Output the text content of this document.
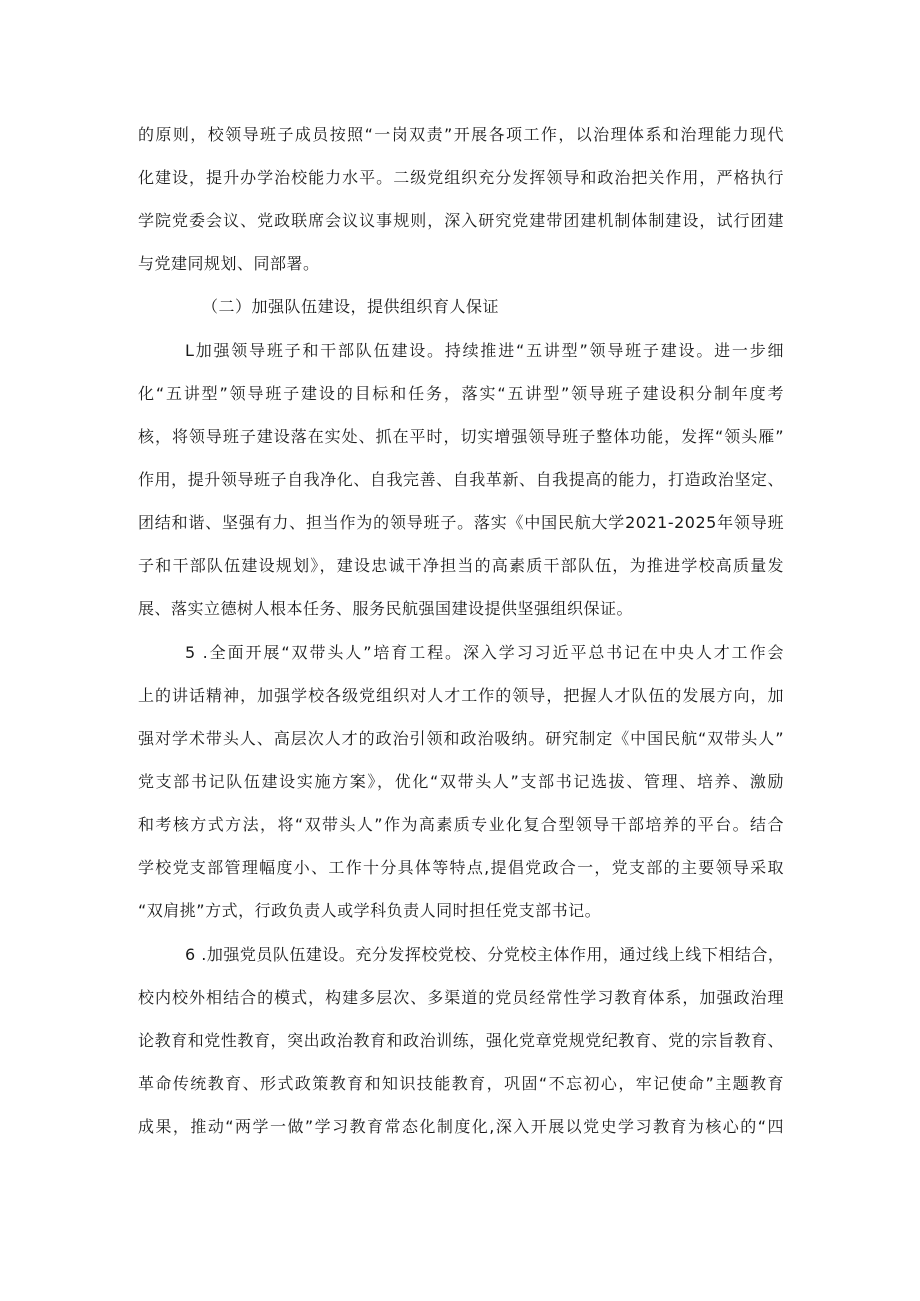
的原则，校领导班子成员按照“一岗双责”开展各项工作，以治理体系和治理能力现代
化建设，提升办学治校能力水平。二级党组织充分发挥领导和政治把关作用，严格执行
学院党委会议、党政联席会议议事规则，深入研究党建带团建机制体制建设，试行团建
与党建同规划、同部署。
（二）加强队伍建设，提供组织育人保证
L加强领导班子和干部队伍建设。持续推进“五讲型”领导班子建设。进一步细
化“五讲型”领导班子建设的目标和任务，落实“五讲型”领导班子建设积分制年度考
核，将领导班子建设落在实处、抓在平时，切实增强领导班子整体功能，发挥“领头雁”
作用，提升领导班子自我净化、自我完善、自我革新、自我提高的能力，打造政治坚定、
团结和谐、坚强有力、担当作为的领导班子。落实《中国民航大学2021-2025年领导班
子和干部队伍建设规划》，建设忠诚干净担当的高素质干部队伍，为推进学校高质量发
展、落实立德树人根本任务、服务民航强国建设提供坚强组织保证。
5 .全面开展“双带头人”培育工程。深入学习习近平总书记在中央人才工作会
上的讲话精神，加强学校各级党组织对人才工作的领导，把握人才队伍的发展方向，加
强对学术带头人、高层次人才的政治引领和政治吸纳。研究制定《中国民航“双带头人”
党支部书记队伍建设实施方案》，优化“双带头人”支部书记选拔、管理、培养、激励
和考核方式方法，将“双带头人”作为高素质专业化复合型领导干部培养的平台。结合
学校党支部管理幅度小、工作十分具体等特点,提倡党政合一，党支部的主要领导采取
“双肩挑”方式，行政负责人或学科负责人同时担任党支部书记。
6 .加强党员队伍建设。充分发挥校党校、分党校主体作用，通过线上线下相结合，
校内校外相结合的模式，构建多层次、多渠道的党员经常性学习教育体系，加强政治理
论教育和党性教育，突出政治教育和政治训练，强化党章党规党纪教育、党的宗旨教育、
革命传统教育、形式政策教育和知识技能教育，巩固“不忘初心，牢记使命”主题教育
成果，推动“两学一做”学习教育常态化制度化,深入开展以党史学习教育为核心的“四
